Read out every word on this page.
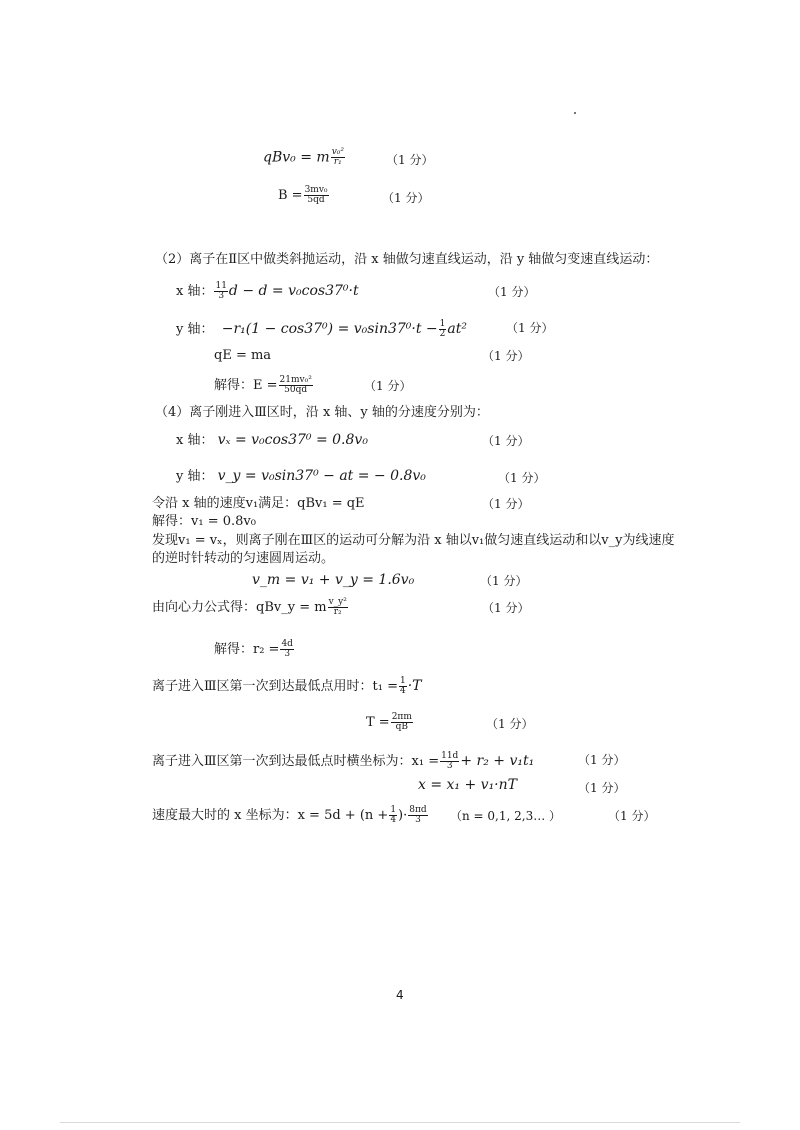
qBv₀ = m $\frac{\text{v₀²}}{\text{r₁}}$	（1 分）
$B = \frac{\text{3mv₀}}{5qd}$	（1 分）
（2）离子在Ⅱ区中做类斜抛运动，沿 x 轴做匀速直线运动，沿 y 轴做匀变速直线运动：
x 轴： $\frac{11}{3}$ d − d = v₀cos37⁰·t	（1 分）
y 轴： $-r_1(1 - \cos 37^0) = v_0\sin 37^0\cdot t - \frac{1}{2} at^2$	（1 分）
qE = ma	（1 分）
解得：$E = \frac{\text{21mv₀²}}{50qd}$	（1 分）
（4）离子刚进入Ⅲ区时，沿 x 轴、y 轴的分速度分别为：
x 轴： vₓ = v₀cos37⁰ = 0.8v₀	（1 分）
y 轴： v_y = v₀sin37⁰ − at = − 0.8v₀	（1 分）
令沿 x 轴的速度v₁满足：qBv₁ = qE	（1 分）
解得：v₁ = 0.8v₀
发现v₁ = vₓ，则离子刚在Ⅲ区的运动可分解为沿 x 轴以v₁做匀速直线运动和以v_y为线速度
的逆时针转动的匀速圆周运动。
v_m = v₁ + v_y = 1.6v₀	（1 分）
由向心力公式得：qBv_y = m $\frac{\text{v\_y²}}{\text{r₂}}$	（1 分）
解得：$r_2 = \frac{4d}{3}$
离子进入Ⅲ区第一次到达最低点用时：$t_1 = \frac{1}{4} \cdot T$
$T = \frac{2\pi m}{qB}$	（1 分）
离子进入Ⅲ区第一次到达最低点时横坐标为：$x_1 = \frac{11d}{3} + r_2 + v_1t_1$	（1 分）
x = x₁ + v₁·nT	（1 分）
速度最大时的 x 坐标为：$x = 5d + (n + \frac{1}{4}$ )· $\frac{8\pi d}{3} (n = 0,1$, 2,3… ）	（1 分）
4
